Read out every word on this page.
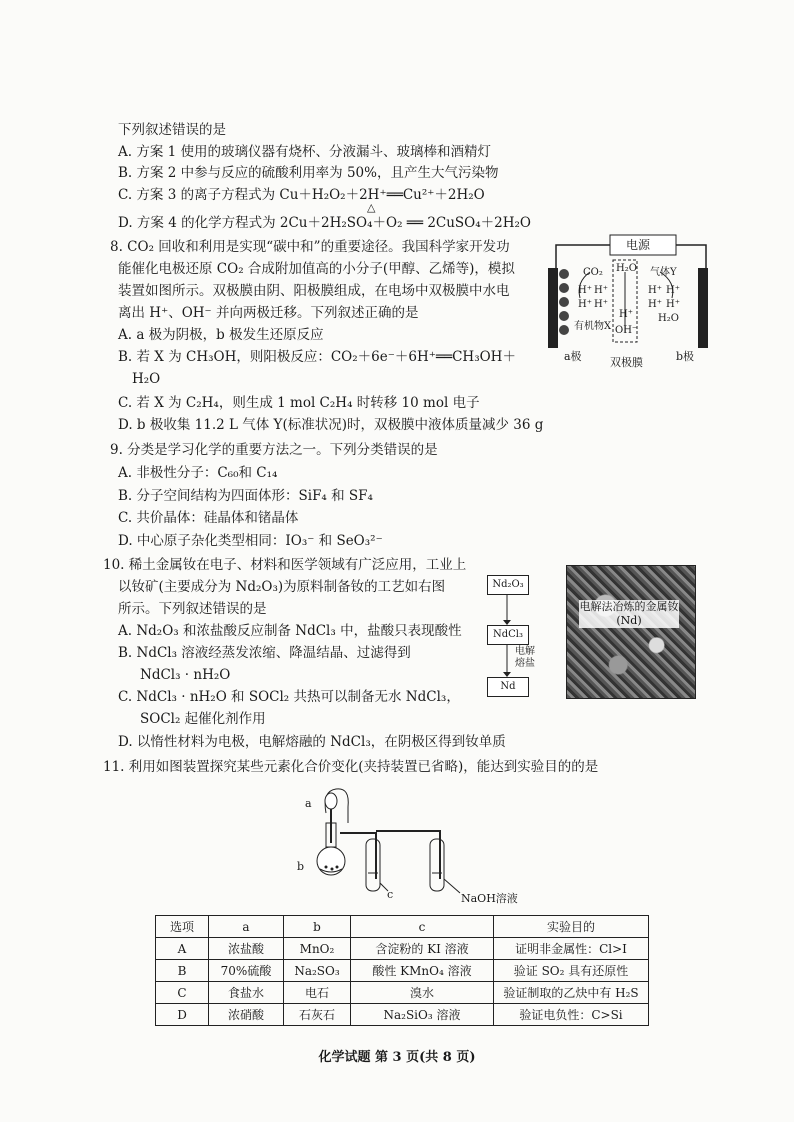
下列叙述错误的是
A. 方案 1 使用的玻璃仪器有烧杯、分液漏斗、玻璃棒和酒精灯
B. 方案 2 中参与反应的硫酸利用率为 50%，且产生大气污染物
C. 方案 3 的离子方程式为 Cu＋H₂O₂＋2H⁺══Cu²⁺＋2H₂O
△
D. 方案 4 的化学方程式为 2Cu＋2H₂SO₄＋O₂ ══ 2CuSO₄＋2H₂O
8. CO₂ 回收和利用是实现“碳中和”的重要途径。我国科学家开发功
能催化电极还原 CO₂ 合成附加值高的小分子(甲醇、乙烯等)，模拟
装置如图所示。双极膜由阴、阳极膜组成，在电场中双极膜中水电
离出 H⁺、OH⁻ 并向两极迁移。下列叙述正确的是
A. a 极为阴极，b 极发生还原反应
B. 若 X 为 CH₃OH，则阳极反应：CO₂＋6e⁻＋6H⁺══CH₃OH＋
H₂O
C. 若 X 为 C₂H₄，则生成 1 mol C₂H₄ 时转移 10 mol 电子
D. b 极收集 11.2 L 气体 Y(标准状况)时，双极膜中液体质量减少 36 g
电源
CO₂ H₂O 气体Y
H⁺ H⁺
H⁺ H⁺
H⁺
H⁺ H⁺
H⁺ H⁺
有机物X OH⁻
H₂O
a极	双极膜	b极
9. 分类是学习化学的重要方法之一。下列分类错误的是
A. 非极性分子：C₆₀和 C₁₄
B. 分子空间结构为四面体形：SiF₄ 和 SF₄
C. 共价晶体：硅晶体和锗晶体
D. 中心原子杂化类型相同：IO₃⁻ 和 SeO₃²⁻
10. 稀土金属钕在电子、材料和医学领域有广泛应用，工业上
以钕矿(主要成分为 Nd₂O₃)为原料制备钕的工艺如右图
所示。下列叙述错误的是
A. Nd₂O₃ 和浓盐酸反应制备 NdCl₃ 中，盐酸只表现酸性
B. NdCl₃ 溶液经蒸发浓缩、降温结晶、过滤得到
NdCl₃ · nH₂O
C. NdCl₃ · nH₂O 和 SOCl₂ 共热可以制备无水 NdCl₃，
SOCl₂ 起催化剂作用
D. 以惰性材料为电极，电解熔融的 NdCl₃，在阴极区得到钕单质
Nd₂O₃
NdCl₃
Nd
电解熔盐
电解法冶炼的金属钕(Nd)
11. 利用如图装置探究某些元素化合价变化(夹持装置已省略)，能达到实验目的的是
a
b
c	NaOH溶液
选项	a	b	c	实验目的
A	浓盐酸	MnO₂	含淀粉的 KI 溶液	证明非金属性：Cl>I
B	70%硫酸	Na₂SO₃	酸性 KMnO₄ 溶液	验证 SO₂ 具有还原性
C	食盐水	电石	溴水	验证制取的乙炔中有 H₂S
D	浓硝酸	石灰石	Na₂SiO₃ 溶液	验证电负性：C>Si
化学试题 第 3 页(共 8 页)
